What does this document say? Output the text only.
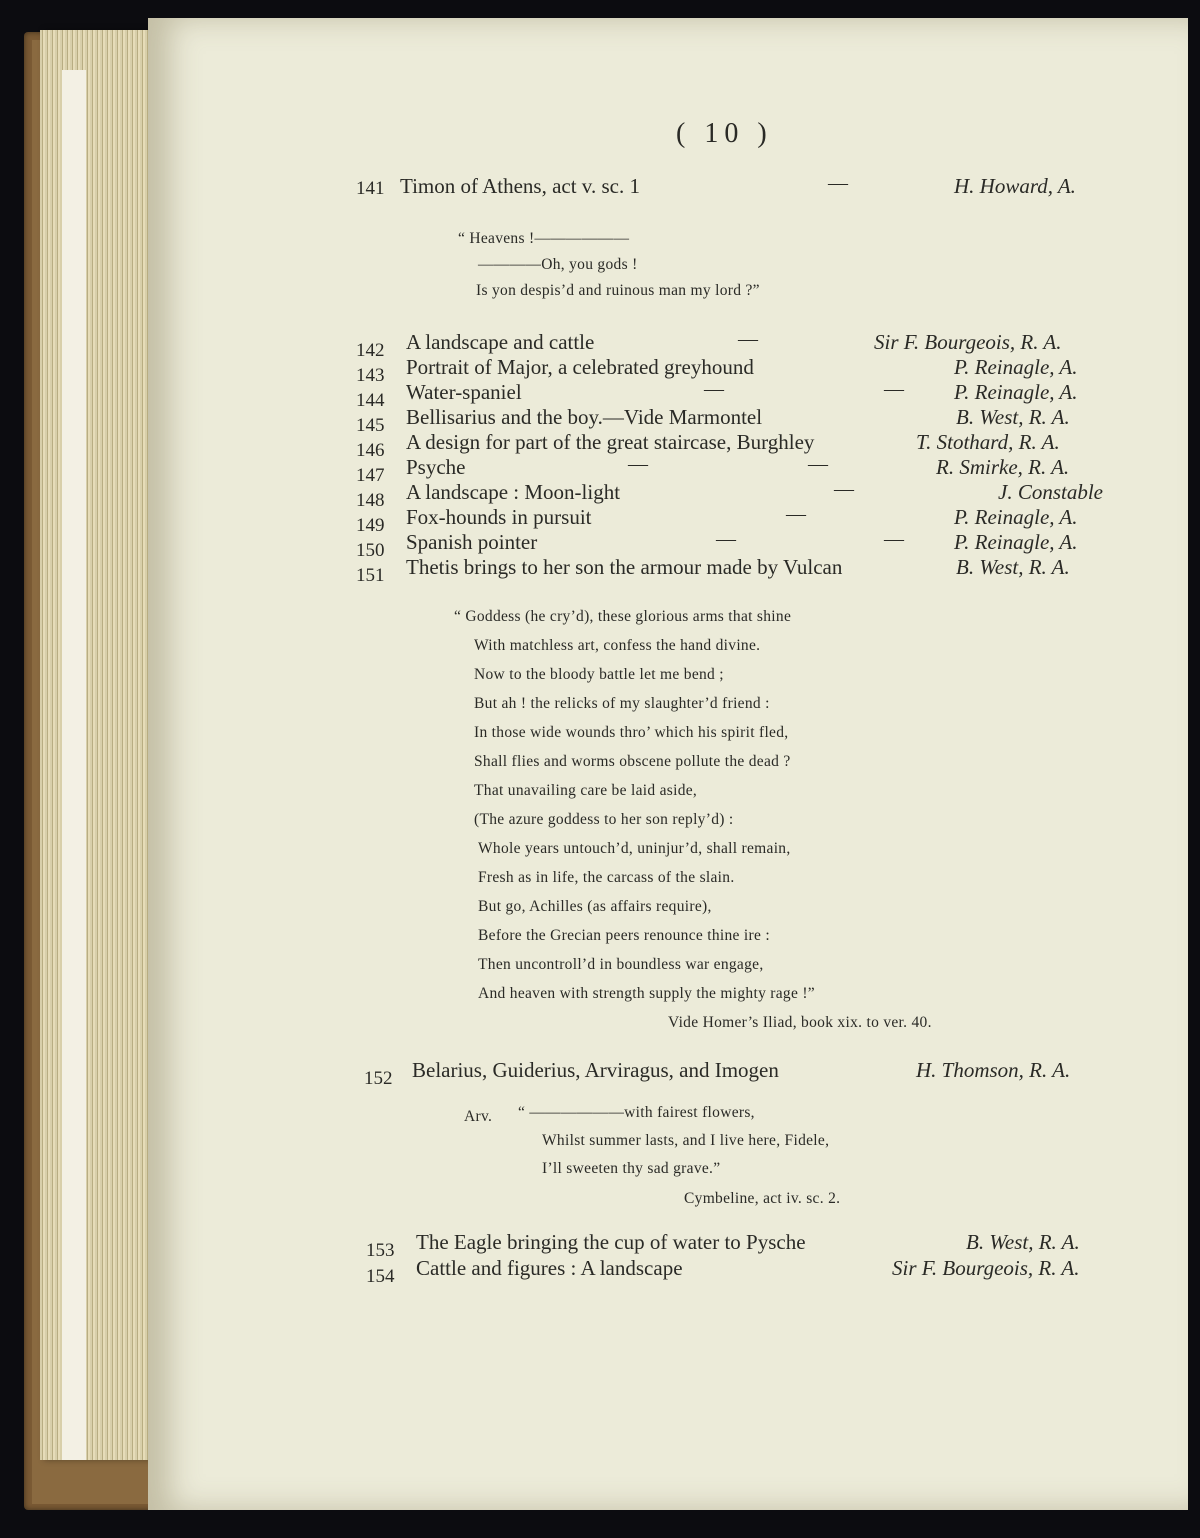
( 10 )
141 Timon of Athens, act v. sc. 1	—	H. Howard, A.
“ Heavens !——————
————Oh, you gods !
Is yon despis’d and ruinous man my lord ?”
142 A landscape and cattle	—	Sir F. Bourgeois, R. A.
143 Portrait of Major, a celebrated greyhound	P. Reinagle, A.
144 Water-spaniel	—	— P. Reinagle, A.
145 Bellisarius and the boy.—Vide Marmontel	B. West, R. A.
146 A design for part of the great staircase, Burghley	T. Stothard, R. A.
147 Psyche	—	—	R. Smirke, R. A.
148 A landscape : Moon-light	—	J. Constable
149 Fox-hounds in pursuit	—	P. Reinagle, A.
150 Spanish pointer	—	— P. Reinagle, A.
151 Thetis brings to her son the armour made by Vulcan	B. West, R. A.
“ Goddess (he cry’d), these glorious arms that shine
With matchless art, confess the hand divine.
Now to the bloody battle let me bend ;
But ah ! the relicks of my slaughter’d friend :
In those wide wounds thro’ which his spirit fled,
Shall flies and worms obscene pollute the dead ?
That unavailing care be laid aside,
(The azure goddess to her son reply’d) :
Whole years untouch’d, uninjur’d, shall remain,
Fresh as in life, the carcass of the slain.
But go, Achilles (as affairs require),
Before the Grecian peers renounce thine ire :
Then uncontroll’d in boundless war engage,
And heaven with strength supply the mighty rage !”
Vide Homer’s Iliad, book xix. to ver. 40.
152 Belarius, Guiderius, Arviragus, and Imogen	H. Thomson, R. A.
Arv. “ ——————with fairest flowers,
Whilst summer lasts, and I live here, Fidele,
I’ll sweeten thy sad grave.”
Cymbeline, act iv. sc. 2.
153 The Eagle bringing the cup of water to Pysche	B. West, R. A.
154 Cattle and figures : A landscape	Sir F. Bourgeois, R. A.
